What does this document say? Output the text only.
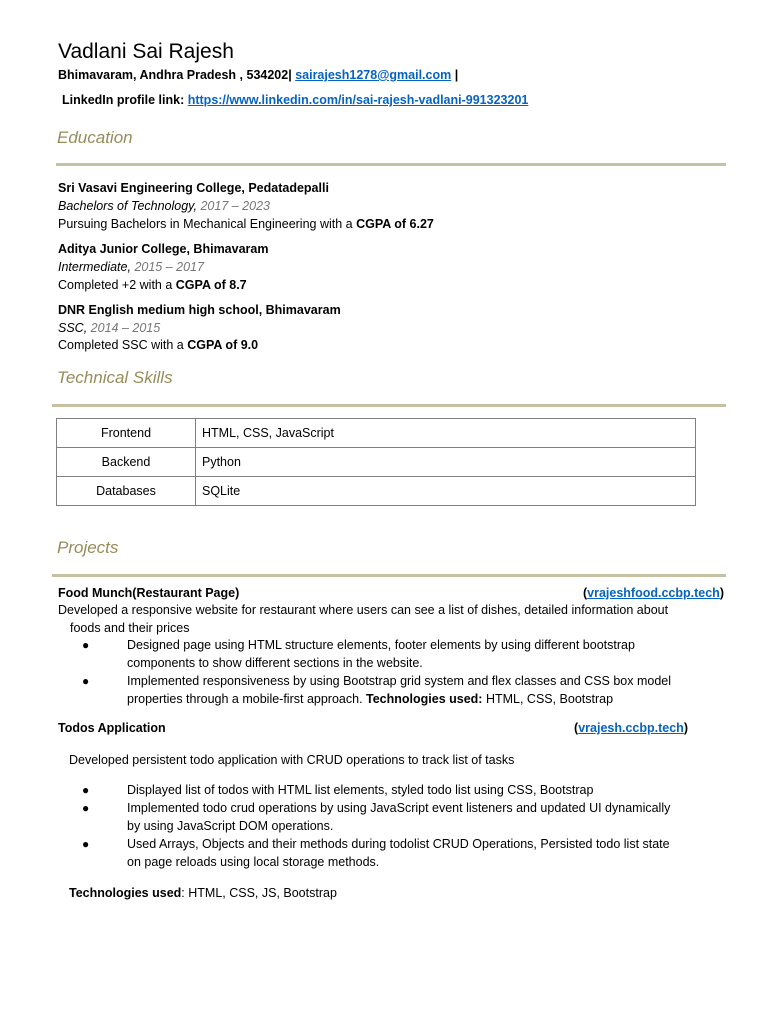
Vadlani Sai Rajesh
Bhimavaram, Andhra Pradesh , 534202| sairajesh1278@gmail.com |
LinkedIn profile link: https://www.linkedin.com/in/sai-rajesh-vadlani-991323201
Education
Sri Vasavi Engineering College, Pedatadepalli
Bachelors of Technology, 2017 – 2023
Pursuing Bachelors in Mechanical Engineering with a CGPA of 6.27
Aditya Junior College, Bhimavaram
Intermediate, 2015 – 2017
Completed +2 with a CGPA of 8.7
DNR English medium high school, Bhimavaram
SSC, 2014 – 2015
Completed SSC with a CGPA of 9.0
Technical Skills
Frontend	HTML, CSS, JavaScript
Backend	Python
Databases	SQLite
Projects
Food Munch(Restaurant Page)	(vrajeshfood.ccbp.tech)
Developed a responsive website for restaurant where users can see a list of dishes, detailed information about
foods and their prices
●	Designed page using HTML structure elements, footer elements by using different bootstrap
components to show different sections in the website.
●	Implemented responsiveness by using Bootstrap grid system and flex classes and CSS box model
properties through a mobile-first approach. Technologies used: HTML, CSS, Bootstrap
Todos Application	(vrajesh.ccbp.tech)
Developed persistent todo application with CRUD operations to track list of tasks
●	Displayed list of todos with HTML list elements, styled todo list using CSS, Bootstrap
●	Implemented todo crud operations by using JavaScript event listeners and updated UI dynamically
by using JavaScript DOM operations.
●	Used Arrays, Objects and their methods during todolist CRUD Operations, Persisted todo list state
on page reloads using local storage methods.
Technologies used: HTML, CSS, JS, Bootstrap
